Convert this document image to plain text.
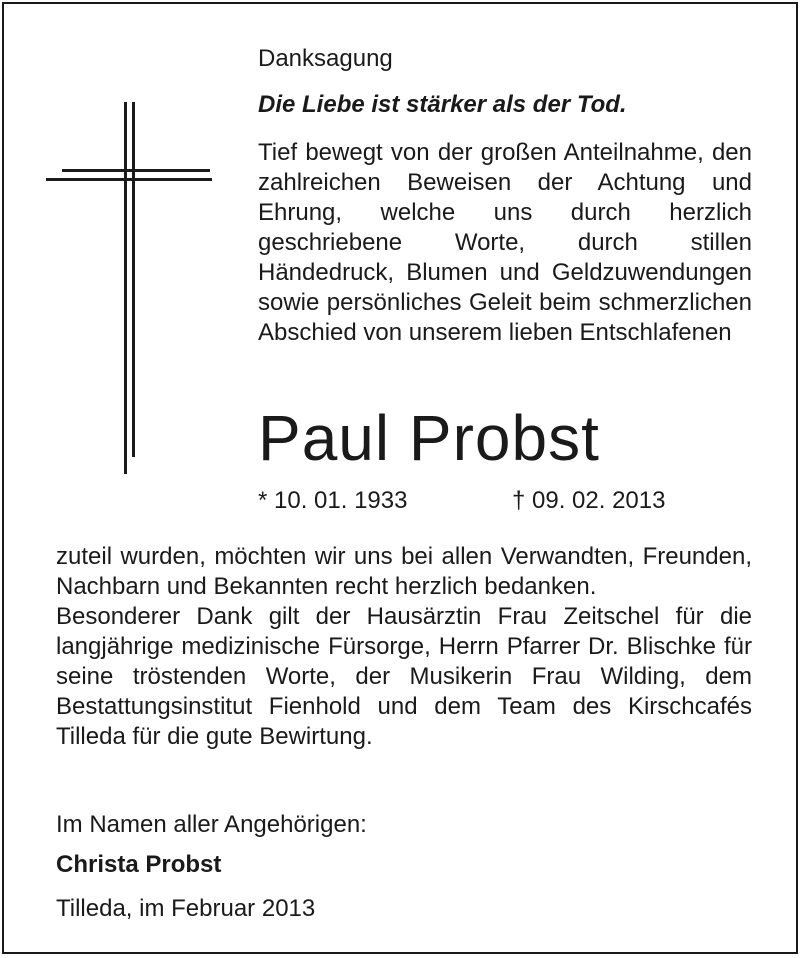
Danksagung
Die Liebe ist stärker als der Tod.
Tief bewegt von der großen Anteilnahme, den zahlreichen Beweisen der Achtung und Ehrung, welche uns durch herzlich geschriebene Worte, durch stillen Händedruck, Blumen und Geldzuwendungen sowie persönliches Geleit beim schmerzlichen Abschied von unserem lieben Entschlafenen
Paul Probst
* 10. 01. 1933	† 09. 02. 2013

zuteil wurden, möchten wir uns bei allen Verwandten, Freunden, Nachbarn und Bekannten recht herzlich bedanken.

Besonderer Dank gilt der Hausärztin Frau Zeitschel für die langjährige medizinische Fürsorge, Herrn Pfarrer Dr. Blischke für seine tröstenden Worte, der Musikerin Frau Wilding, dem Bestattungsinstitut Fienhold und dem Team des Kirschcafés Tilleda für die gute Bewirtung.

Im Namen aller Angehörigen:
Christa Probst
Tilleda, im Februar 2013
